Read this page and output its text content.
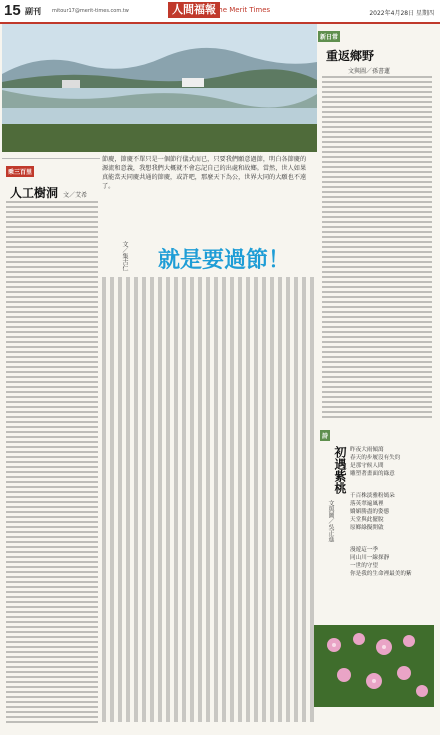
15 副刊 mitour17@merit-times.com.tw	人間福報
The Merit Times	2022年4月28日 星期四
新日常
重返鄉野
文與圖／孫書蓮
乘三百里
人工樹洞 文／艾希
節慶，節慶不單只是一個節行儀式而已，只要我們願意過節，明白各節慶的源流和意義，我想我們大概就不會忘記自己的出處和故鄉。當然，世人如果真能當天同慶共通的節慶，或許吧，那麼天下為公，世界大同的大願也不遠了。
文／集古仁 就是要過節！
詩
初遇紫桃
文與圖／吳正進

昨夜大雨傾瀉
春天的步履沒有失約
是那守候人間
雕塑著畫面的綠意

千百株淡雅粉嫣朵
落英翠遍風裡
嬌媚勝盡的姿態
天堂與此擺脫
原鄉綠擬開啟

漫遊這一季
同山川一線探靜
一世的守望
你是我的生命裡最美的紫
